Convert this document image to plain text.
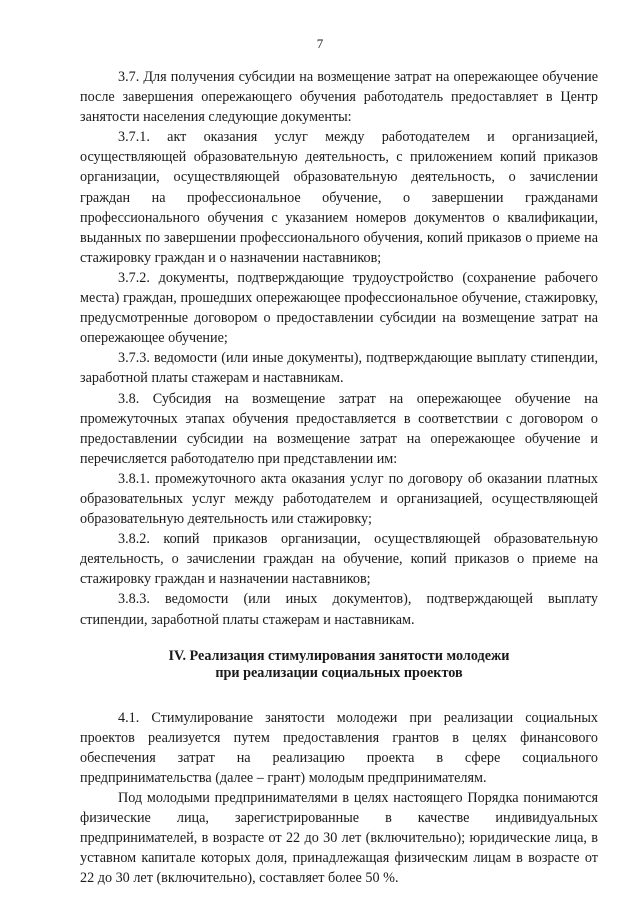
7

3.7. Для получения субсидии на возмещение затрат на опережающее обучение после завершения опережающего обучения работодатель предоставляет в Центр занятости населения следующие документы:

3.7.1. акт оказания услуг между работодателем и организацией, осуществляющей образовательную деятельность, с приложением копий приказов организации, осуществляющей образовательную деятельность, о зачислении граждан на профессиональное обучение, о завершении гражданами профессионального обучения с указанием номеров документов о квалификации, выданных по завершении профессионального обучения, копий приказов о приеме на стажировку граждан и о назначении наставников;

3.7.2. документы, подтверждающие трудоустройство (сохранение рабочего места) граждан, прошедших опережающее профессиональное обучение, стажировку, предусмотренные договором о предоставлении субсидии на возмещение затрат на опережающее обучение;

3.7.3. ведомости (или иные документы), подтверждающие выплату стипендии, заработной платы стажерам и наставникам.

3.8. Субсидия на возмещение затрат на опережающее обучение на промежуточных этапах обучения предоставляется в соответствии с договором о предоставлении субсидии на возмещение затрат на опережающее обучение и перечисляется работодателю при представлении им:

3.8.1. промежуточного акта оказания услуг по договору об оказании платных образовательных услуг между работодателем и организацией, осуществляющей образовательную деятельность или стажировку;

3.8.2. копий приказов организации, осуществляющей образовательную деятельность, о зачислении граждан на обучение, копий приказов о приеме на стажировку граждан и назначении наставников;

3.8.3. ведомости (или иных документов), подтверждающей выплату стипендии, заработной платы стажерам и наставникам.

IV. Реализация стимулирования занятости молодежи
при реализации социальных проектов

4.1. Стимулирование занятости молодежи при реализации социальных проектов реализуется путем предоставления грантов в целях финансового обеспечения затрат на реализацию проекта в сфере социального предпринимательства (далее – грант) молодым предпринимателям.

Под молодыми предпринимателями в целях настоящего Порядка понимаются физические лица, зарегистрированные в качестве индивидуальных предпринимателей, в возрасте от 22 до 30 лет (включительно); юридические лица, в уставном капитале которых доля, принадлежащая физическим лицам в возрасте от 22 до 30 лет (включительно), составляет более 50 %.
